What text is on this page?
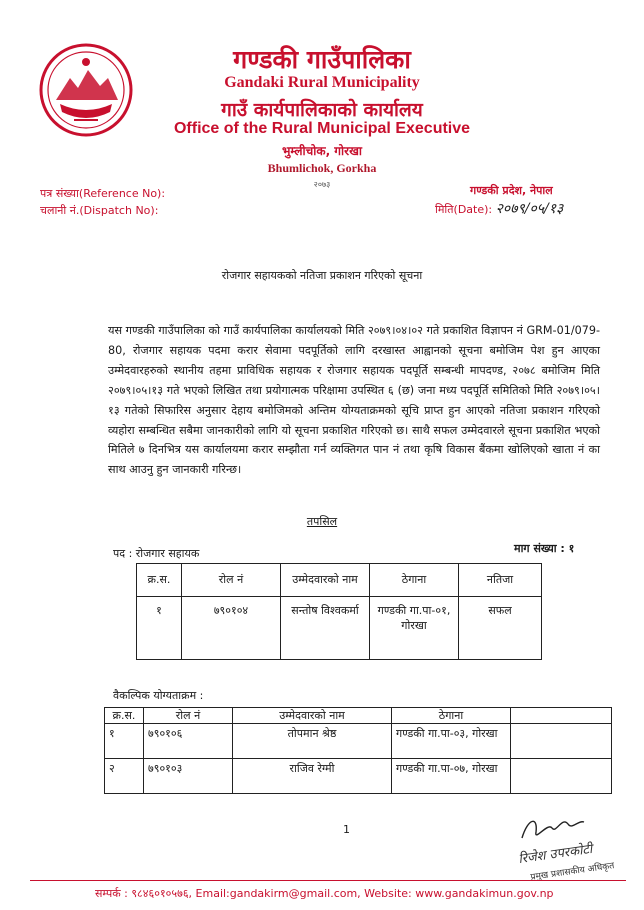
गण्डकी गाउँपालिका
Gandaki Rural Municipality
गाउँ कार्यपालिकाको कार्यालय
Office of the Rural Municipal Executive
भुम्लीचोक, गोरखा
Bhumlichok, Gorkha
२०७३
पत्र संख्या(Reference No):
चलानी नं.(Dispatch No):
गण्डकी प्रदेश, नेपाल
मिति(Date): २०७९/०५/१३
रोजगार सहायकको नतिजा प्रकाशन गरिएको सूचना
यस गण्डकी गाउँपालिका को गाउँ कार्यपालिका कार्यालयको मिति २०७९।०४।०२ गते प्रकाशित विज्ञापन नं GRM-01/079-80, रोजगार सहायक पदमा करार सेवामा पदपूर्तिको लागि दरखास्त आह्वानको सूचना बमोजिम पेश हुन आएका उम्मेदवारहरुको स्थानीय तहमा प्राविधिक सहायक र रोजगार सहायक पदपूर्ति सम्बन्धी मापदण्ड, २०७८ बमोजिम मिति २०७९।०५।१३ गते भएको लिखित तथा प्रयोगात्मक परिक्षामा उपस्थित ६ (छ) जना मध्य पदपूर्ति समितिको मिति २०७९।०५।१३ गतेको सिफारिस अनुसार देहाय बमोजिमको अन्तिम योग्यताक्रमको सूचि प्राप्त हुन आएको नतिजा प्रकाशन गरिएको व्यहोरा सम्बन्धित सबैमा जानकारीको लागि यो सूचना प्रकाशित गरिएको छ। साथै सफल उम्मेदवारले सूचना प्रकाशित भएको मितिले ७ दिनभित्र यस कार्यालयमा करार सम्झौता गर्न व्यक्तिगत पान नं तथा कृषि विकास बैंकमा खोलिएको खाता नं का साथ आउनु हुन जानकारी गरिन्छ।
तपसिल
पद : रोजगार सहायक	माग संख्या : १
क्र.स.	रोल नं	उम्मेदवारको नाम	ठेगाना	नतिजा
१	७९०१०४	सन्तोष विश्वकर्मा	गण्डकी गा.पा-०१, गोरखा	सफल
वैकल्पिक योग्यताक्रम :
क्र.स.	रोल नं	उम्मेदवारको नाम	ठेगाना	
१	७९०१०६	तोपमान श्रेष्ठ	गण्डकी गा.पा-०३, गोरखा	
२	७९०१०३	राजिव रेग्मी	गण्डकी गा.पा-०७, गोरखा	
1
रिजेश उपरकोटी
प्रमुख प्रशासकीय अधिकृत
सम्पर्क : ९८४६०१०५७६, Email:gandakirm@gmail.com, Website: www.gandakimun.gov.np
